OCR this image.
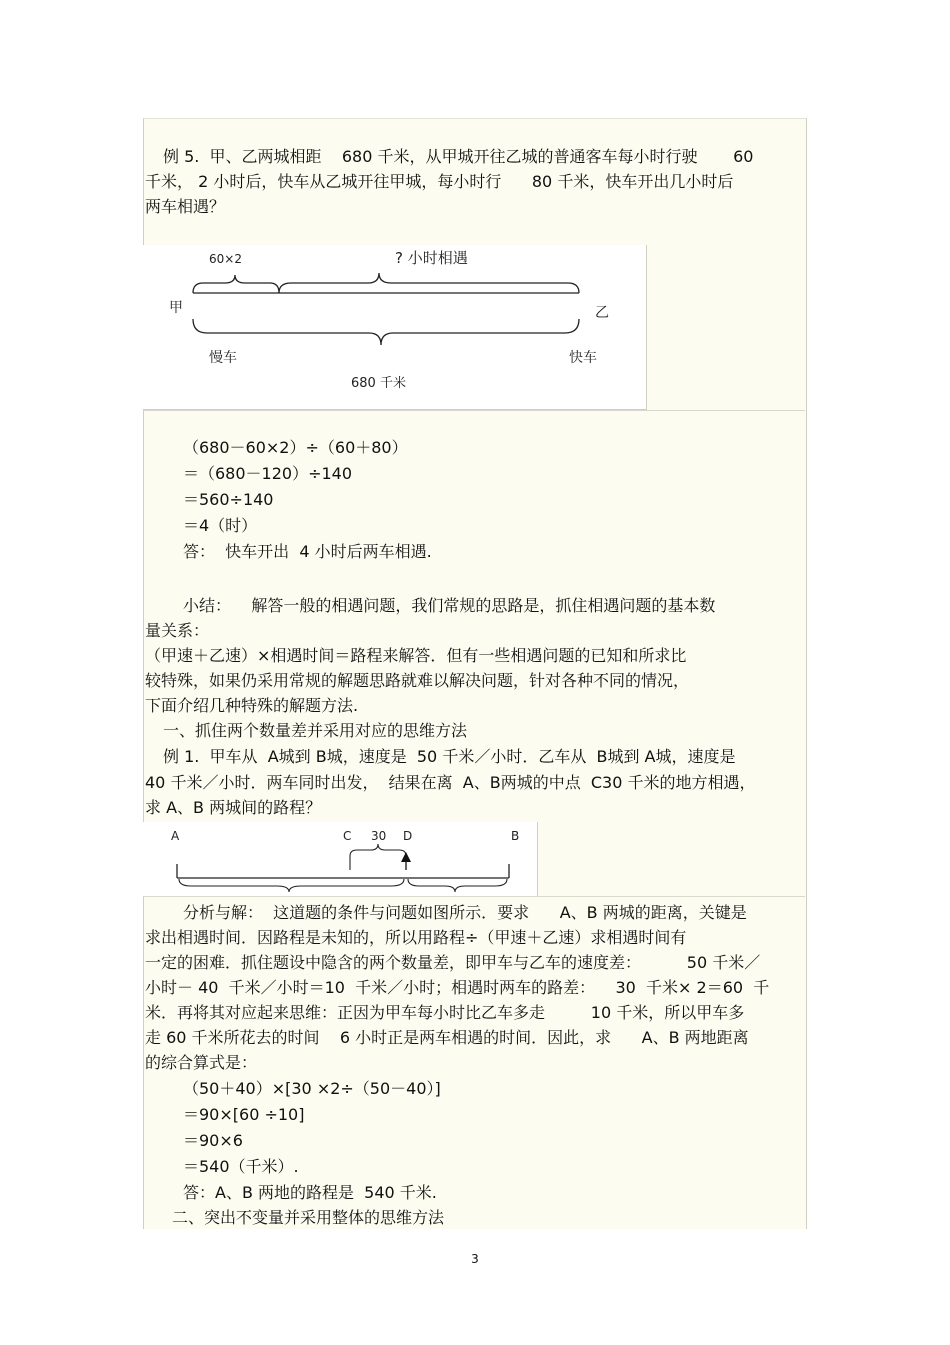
例 5.  甲、乙两城相距    680 千米，从甲城开往乙城的普通客车每小时行驶       60
千米， 2 小时后，快车从乙城开往甲城，每小时行      80 千米，快车开出几小时后
两车相遇？
60×2	? 小时相遇
甲	乙
慢车	快车
680 千米
（680－60×2）÷（60＋80）
＝（680－120）÷140
＝560÷140
＝4（时）
答：  快车开出  4 小时后两车相遇.
小结：    解答一般的相遇问题，我们常规的思路是，抓住相遇问题的基本数
量关系：
（甲速＋乙速）×相遇时间＝路程来解答．但有一些相遇问题的已知和所求比
较特殊，如果仍采用常规的解题思路就难以解决问题，针对各种不同的情况，
下面介绍几种特殊的解题方法.
一、抓住两个数量差并采用对应的思维方法
例 1.  甲车从  A城到 B城，速度是  50 千米／小时．乙车从  B城到 A城，速度是
40 千米／小时．两车同时出发，  结果在离  A、B两城的中点  C30 千米的地方相遇，
求 A、B 两城间的路程？
A	C 30 D	B
分析与解：  这道题的条件与问题如图所示．要求      A、B 两城的距离，关键是
求出相遇时间．因路程是未知的，所以用路程÷（甲速＋乙速）求相遇时间有
一定的困难．抓住题设中隐含的两个数量差，即甲车与乙车的速度差：         50 千米／
小时－ 40  千米／小时＝10  千米／小时；相遇时两车的路差：    30  千米× 2＝60  千
米．再将其对应起来思维：正因为甲车每小时比乙车多走         10 千米，所以甲车多
走 60 千米所花去的时间    6 小时正是两车相遇的时间．因此，求      A、B 两地距离
的综合算式是：
（50＋40）×[30 ×2÷（50－40）]
＝90×[60 ÷10]
＝90×6
＝540（千米）.
答：A、B 两地的路程是  540 千米.
二、突出不变量并采用整体的思维方法
3
